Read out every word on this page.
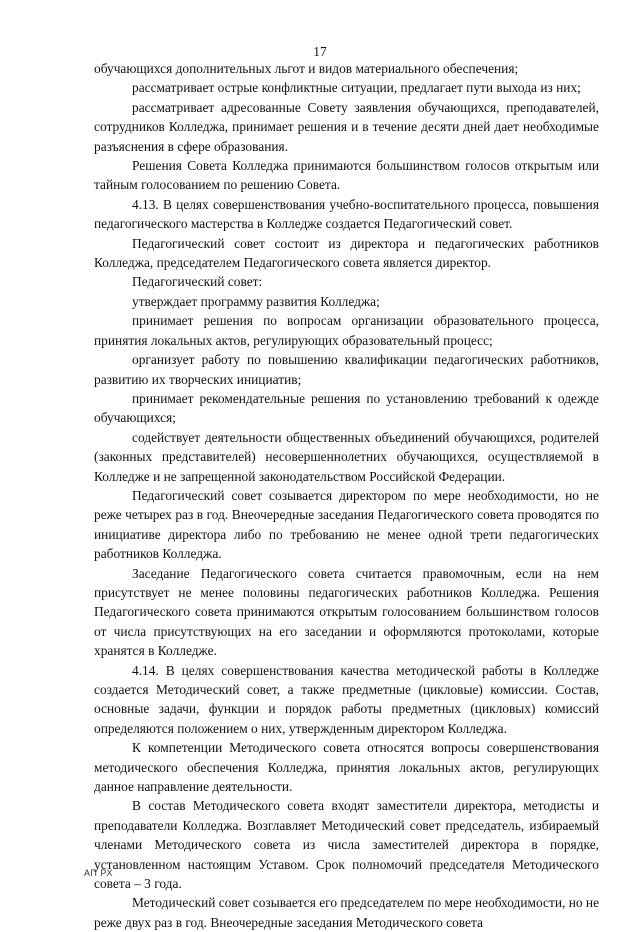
17

обучающихся дополнительных льгот и видов материального обеспечения;

рассматривает острые конфликтные ситуации, предлагает пути выхода из них;

рассматривает адресованные Совету заявления обучающихся, преподавателей, сотрудников Колледжа, принимает решения и в течение десяти дней дает необходимые разъяснения в сфере образования.

Решения Совета Колледжа принимаются большинством голосов открытым или тайным голосованием по решению Совета.

4.13. В целях совершенствования учебно-воспитательного процесса, повышения педагогического мастерства в Колледже создается Педагогический совет.

Педагогический совет состоит из директора и педагогических работников Колледжа, председателем Педагогического совета является директор.

Педагогический совет:

утверждает программу развития Колледжа;

принимает решения по вопросам организации образовательного процесса, принятия локальных актов, регулирующих образовательный процесс;

организует работу по повышению квалификации педагогических работников, развитию их творческих инициатив;

принимает рекомендательные решения по установлению требований к одежде обучающихся;

содействует деятельности общественных объединений обучающихся, родителей (законных представителей) несовершеннолетних обучающихся, осуществляемой в Колледже и не запрещенной законодательством Российской Федерации.

Педагогический совет созывается директором по мере необходимости, но не реже четырех раз в год. Внеочередные заседания Педагогического совета проводятся по инициативе директора либо по требованию не менее одной трети педагогических работников Колледжа.

Заседание Педагогического совета считается правомочным, если на нем присутствует не менее половины педагогических работников Колледжа. Решения Педагогического совета принимаются открытым голосованием большинством голосов от числа присутствующих на его заседании и оформляются протоколами, которые хранятся в Колледже.

4.14. В целях совершенствования качества методической работы в Колледже создается Методический совет, а также предметные (цикловые) комиссии. Состав, основные задачи, функции и порядок работы предметных (цикловых) комиссий определяются положением о них, утвержденным директором Колледжа.

К компетенции Методического совета относятся вопросы совершенствования методического обеспечения Колледжа, принятия локальных актов, регулирующих данное направление деятельности.

В состав Методического совета входят заместители директора, методисты и преподаватели Колледжа. Возглавляет Методический совет председатель, избираемый членами Методического совета из числа заместителей директора в порядке, установленном настоящим Уставом. Срок полномочий председателя Методического совета – 3 года.

Методический совет созывается его председателем по мере необходимости, но не реже двух раз в год. Внеочередные заседания Методического совета

АП РХ
